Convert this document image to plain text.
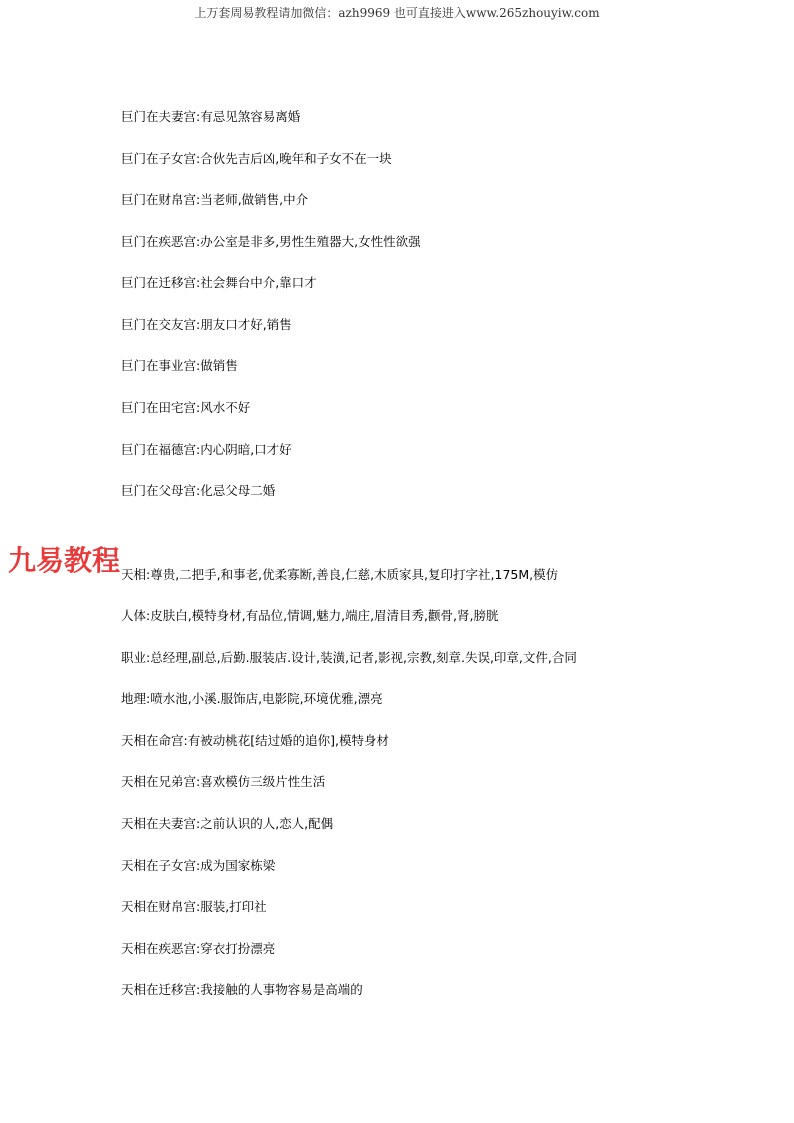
上万套周易教程请加微信：azh9969 也可直接进入www.265zhouyiw.com
巨门在夫妻宫:有忌见煞容易离婚
巨门在子女宫:合伙先吉后凶,晚年和子女不在一块
巨门在财帛宫:当老师,做销售,中介
巨门在疾恶宫:办公室是非多,男性生殖器大,女性性欲强
巨门在迁移宫:社会舞台中介,靠口才
巨门在交友宫:朋友口才好,销售
巨门在事业宫:做销售
巨门在田宅宫:风水不好
巨门在福德宫:内心阴暗,口才好
巨门在父母宫:化忌父母二婚
天相:尊贵,二把手,和事老,优柔寡断,善良,仁慈,木质家具,复印打字社,175M,模仿
人体:皮肤白,模特身材,有品位,情调,魅力,端庄,眉清目秀,颧骨,肾,膀胱
职业:总经理,副总,后勤.服装店.设计,装潢,记者,影视,宗教,刻章.失误,印章,文件,合同
地理:喷水池,小溪.服饰店,电影院,环境优雅,漂亮
天相在命宫:有被动桃花[结过婚的追你],模特身材
天相在兄弟宫:喜欢模仿三级片性生活
天相在夫妻宫:之前认识的人,恋人,配偶
天相在子女宫:成为国家栋梁
天相在财帛宫:服装,打印社
天相在疾恶宫:穿衣打扮漂亮
天相在迁移宫:我接触的人事物容易是高端的
九易教程
